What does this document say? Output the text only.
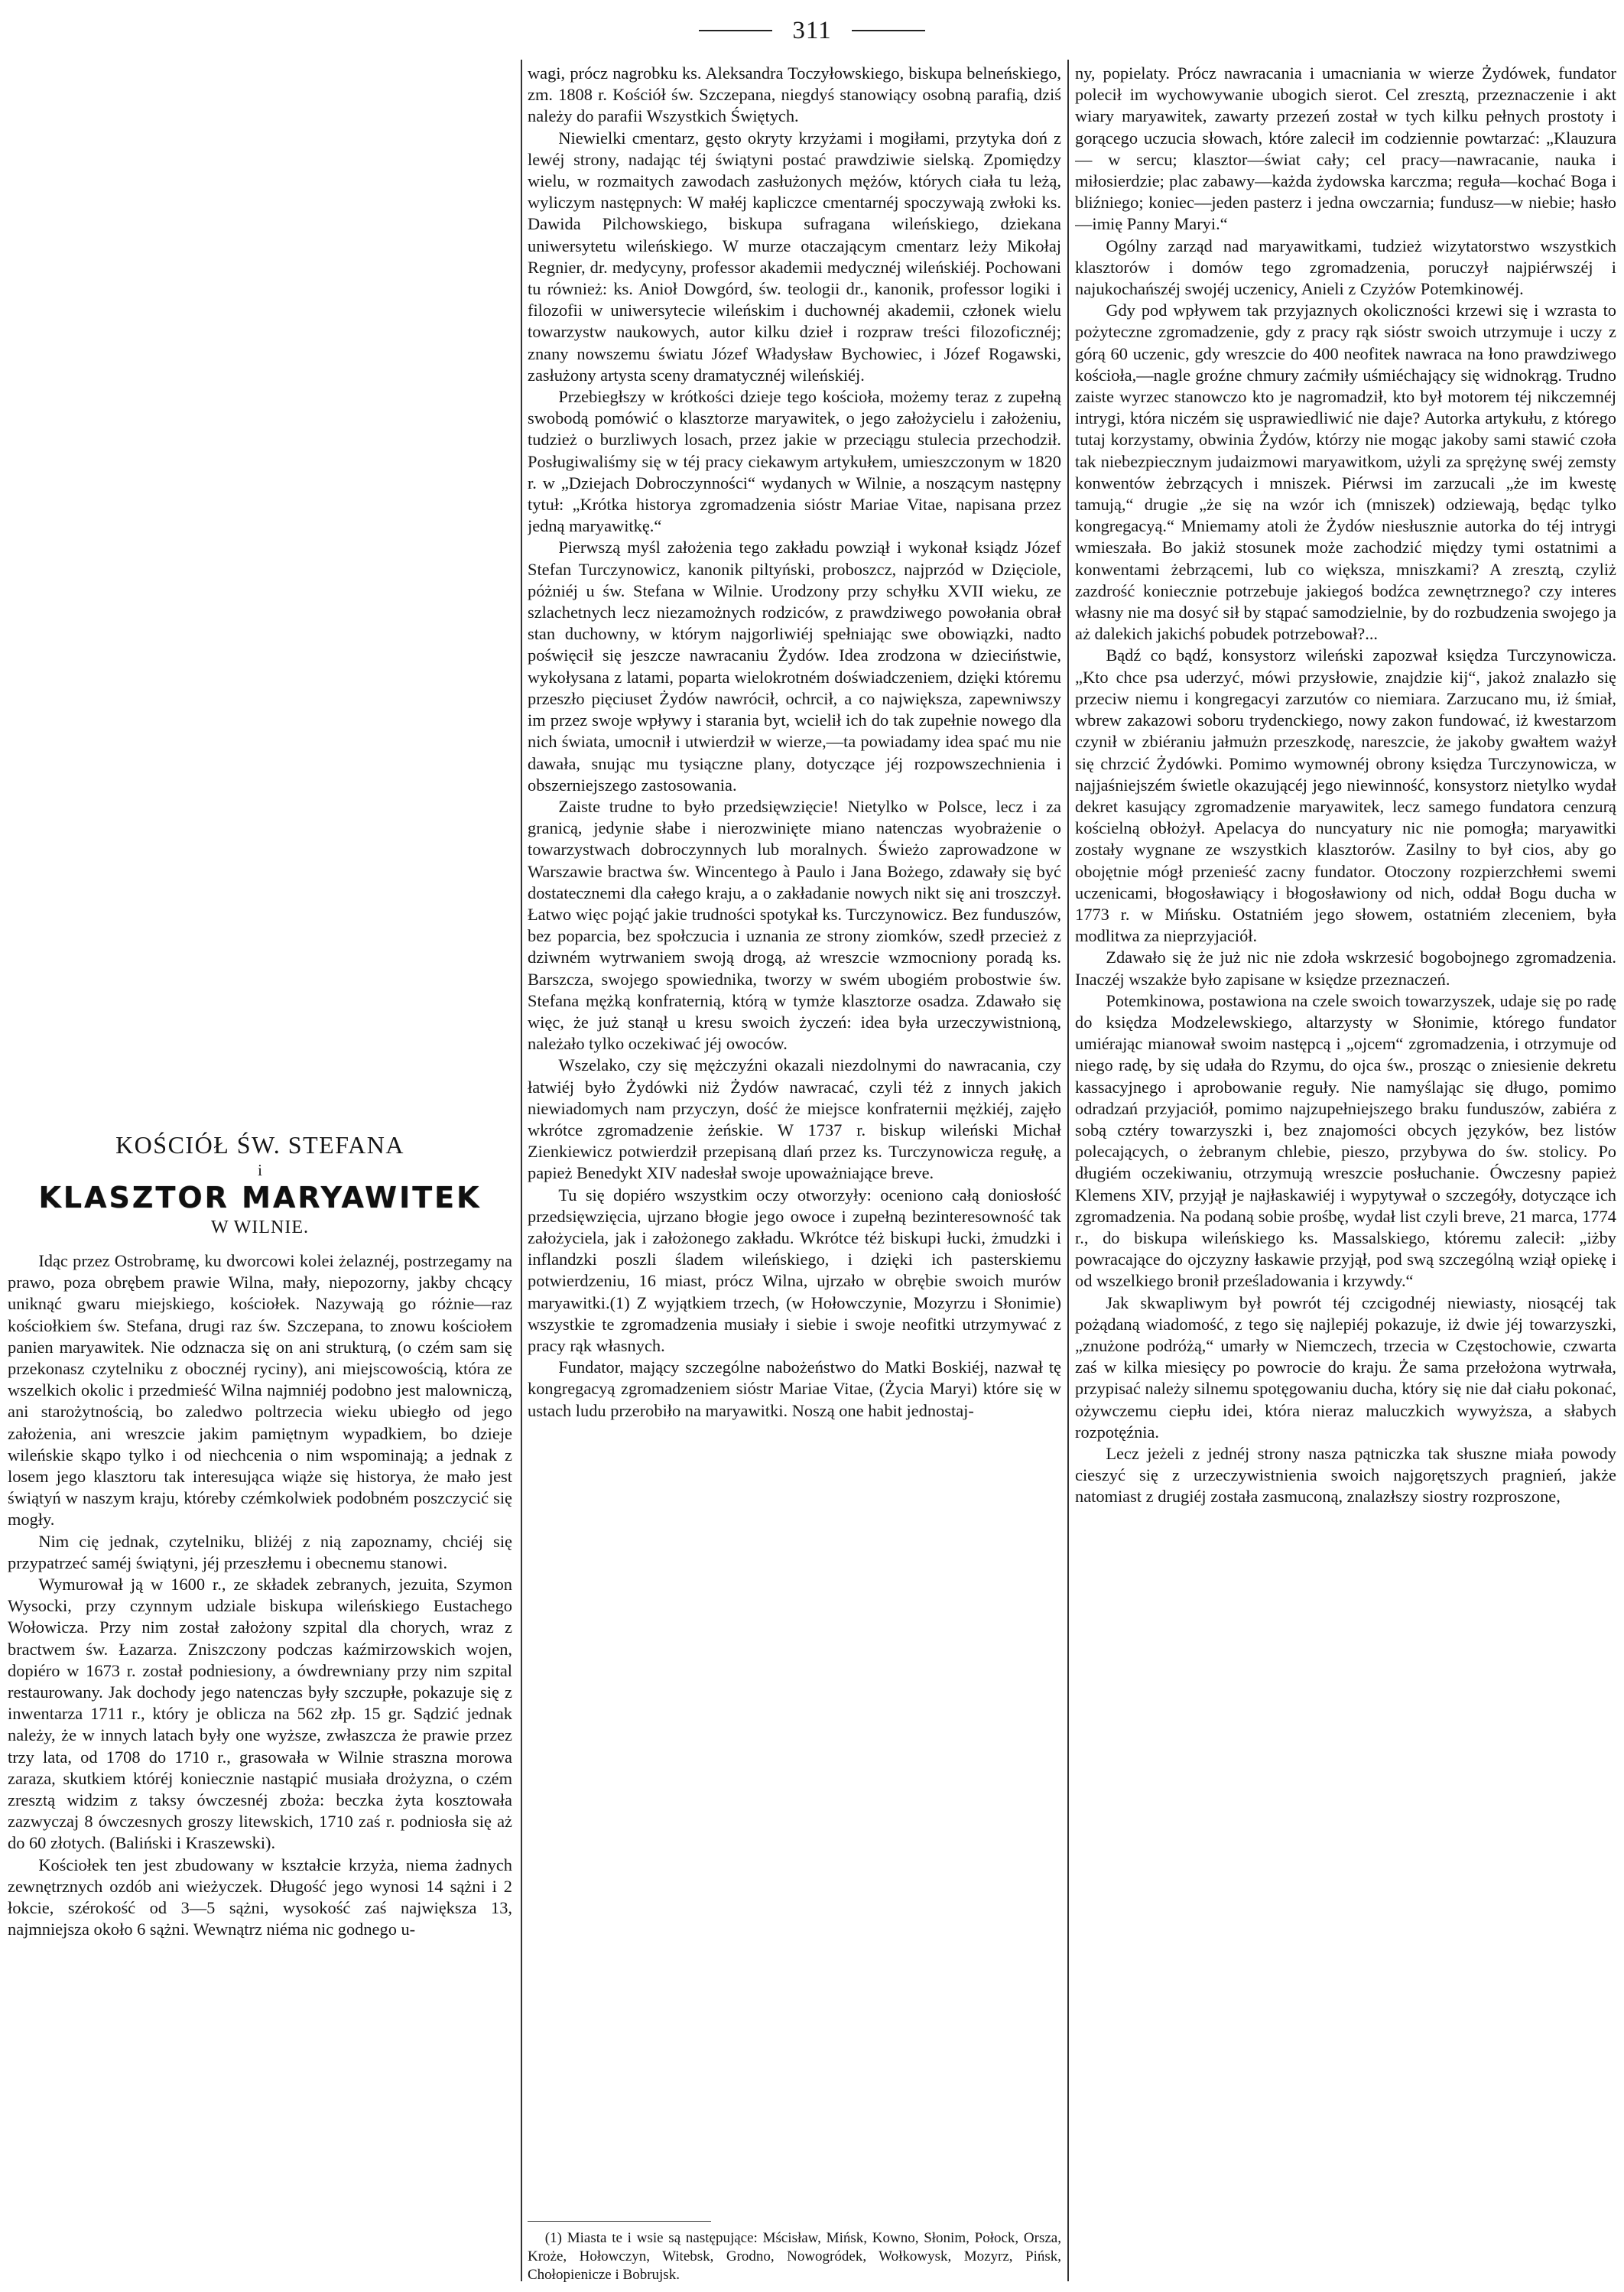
311
KOŚCIÓŁ ŚW. STEFANA
i
KLASZTOR MARYAWITEK
W WILNIE.

Idąc przez Ostrobramę, ku dworcowi kolei żelaznéj, postrzegamy na prawo, poza obrębem prawie Wilna, mały, niepozorny, jakby chcący uniknąć gwaru miejskiego, kościołek. Nazywają go różnie—raz kościołkiem św. Stefana, drugi raz św. Szczepana, to znowu kościołem panien maryawitek. Nie odznacza się on ani strukturą, (o czém sam się przekonasz czytelniku z obocznéj ryciny), ani miejscowością, która ze wszelkich okolic i przedmieść Wilna najmniéj podobno jest malowniczą, ani starożytnością, bo zaledwo poltrzecia wieku ubiegło od jego założenia, ani wreszcie jakim pamiętnym wypadkiem, bo dzieje wileńskie skąpo tylko i od niechcenia o nim wspominają; a jednak z losem jego klasztoru tak interesująca wiąże się historya, że mało jest świątyń w naszym kraju, któreby czémkolwiek podobném poszczycić się mogły.

Nim cię jednak, czytelniku, bliżéj z nią zapoznamy, chciéj się przypatrzeć saméj świątyni, jéj przeszłemu i obecnemu stanowi.

Wymurował ją w 1600 r., ze składek zebranych, jezuita, Szymon Wysocki, przy czynnym udziale biskupa wileńskiego Eustachego Wołowicza. Przy nim został założony szpital dla chorych, wraz z bractwem św. Łazarza. Zniszczony podczas kaźmirzowskich wojen, dopiéro w 1673 r. został podniesiony, a ówdrewniany przy nim szpital restaurowany. Jak dochody jego natenczas były szczupłe, pokazuje się z inwentarza 1711 r., który je oblicza na 562 złp. 15 gr. Sądzić jednak należy, że w innych latach były one wyższe, zwłaszcza że prawie przez trzy lata, od 1708 do 1710 r., grasowała w Wilnie straszna morowa zaraza, skutkiem któréj koniecznie nastąpić musiała drożyzna, o czém zresztą widzim z taksy ówczesnéj zboża: beczka żyta kosztowała zazwyczaj 8 ówczesnych groszy litewskich, 1710 zaś r. podniosła się aż do 60 złotych. (Baliński i Kraszewski).

Kościołek ten jest zbudowany w kształcie krzyża, niema żadnych zewnętrznych ozdób ani wieżyczek. Długość jego wynosi 14 sążni i 2 łokcie, szérokość od 3—5 sążni, wysokość zaś największa 13, najmniejsza około 6 sążni. Wewnątrz niéma nic godnego u-

wagi, prócz nagrobku ks. Aleksandra Toczyłowskiego, biskupa belneńskiego, zm. 1808 r. Kościół św. Szczepana, niegdyś stanowiący osobną parafią, dziś należy do parafii Wszystkich Świętych.

Niewielki cmentarz, gęsto okryty krzyżami i mogiłami, przytyka doń z lewéj strony, nadając téj świątyni postać prawdziwie sielską. Zpomiędzy wielu, w rozmaitych zawodach zasłużonych mężów, których ciała tu leżą, wyliczym następnych: W małéj kapliczce cmentarnéj spoczywają zwłoki ks. Dawida Pilchowskiego, biskupa sufragana wileńskiego, dziekana uniwersytetu wileńskiego. W murze otaczającym cmentarz leży Mikołaj Regnier, dr. medycyny, professor akademii medycznéj wileńskiéj. Pochowani tu również: ks. Anioł Dowgórd, św. teologii dr., kanonik, professor logiki i filozofii w uniwersytecie wileńskim i duchownéj akademii, członek wielu towarzystw naukowych, autor kilku dzieł i rozpraw treści filozoficznéj; znany nowszemu światu Józef Władysław Bychowiec, i Józef Rogawski, zasłużony artysta sceny dramatycznéj wileńskiéj.

Przebiegłszy w krótkości dzieje tego kościoła, możemy teraz z zupełną swobodą pomówić o klasztorze maryawitek, o jego założycielu i założeniu, tudzież o burzliwych losach, przez jakie w przeciągu stulecia przechodził. Posługiwaliśmy się w téj pracy ciekawym artykułem, umieszczonym w 1820 r. w „Dziejach Dobroczynności“ wydanych w Wilnie, a noszącym następny tytuł: „Krótka historya zgromadzenia sióstr Mariae Vitae, napisana przez jedną maryawitkę.“

Pierwszą myśl założenia tego zakładu powziął i wykonał ksiądz Józef Stefan Turczynowicz, kanonik piltyński, proboszcz, najprzód w Dzięciole, póżniéj u św. Stefana w Wilnie. Urodzony przy schyłku XVII wieku, ze szlachetnych lecz niezamożnych rodziców, z prawdziwego powołania obrał stan duchowny, w którym najgorliwiéj spełniając swe obowiązki, nadto poświęcił się jeszcze nawracaniu Żydów. Idea zrodzona w dzieciństwie, wykołysana z latami, poparta wielokrotném doświadczeniem, dzięki któremu przeszło pięciuset Żydów nawrócił, ochrcił, a co największa, zapewniwszy im przez swoje wpływy i starania byt, wcielił ich do tak zupełnie nowego dla nich świata, umocnił i utwierdził w wierze,—ta powiadamy idea spać mu nie dawała, snując mu tysiączne plany, dotyczące jéj rozpowszechnienia i obszerniejszego zastosowania.

Zaiste trudne to było przedsięwzięcie! Nietylko w Polsce, lecz i za granicą, jedynie słabe i nierozwinięte miano natenczas wyobrażenie o towarzystwach dobroczynnych lub moralnych. Świeżo zaprowadzone w Warszawie bractwa św. Wincentego à Paulo i Jana Bożego, zdawały się być dostatecznemi dla całego kraju, a o zakładanie nowych nikt się ani troszczył. Łatwo więc pojąć jakie trudności spotykał ks. Turczynowicz. Bez funduszów, bez poparcia, bez społczucia i uznania ze strony ziomków, szedł przecież z dziwném wytrwaniem swoją drogą, aż wreszcie wzmocniony poradą ks. Barszcza, swojego spowiednika, tworzy w swém ubogiém probostwie św. Stefana mężką konfraternią, którą w tymże klasztorze osadza. Zdawało się więc, że już stanął u kresu swoich życzeń: idea była urzeczywistnioną, należało tylko oczekiwać jéj owoców.

Wszelako, czy się mężczyźni okazali niezdolnymi do nawracania, czy łatwiéj było Żydówki niż Żydów nawracać, czyli téż z innych jakich niewiadomych nam przyczyn, dość że miejsce konfraternii mężkiéj, zajęło wkrótce zgromadzenie żeńskie. W 1737 r. biskup wileński Michał Zienkiewicz potwierdził przepisaną dlań przez ks. Turczynowicza regułę, a papież Benedykt XIV nadesłał swoje upoważniające breve.

Tu się dopiéro wszystkim oczy otworzyły: oceniono całą doniosłość przedsięwzięcia, ujrzano błogie jego owoce i zupełną bezinteresowność tak założyciela, jak i założonego zakładu. Wkrótce téż biskupi łucki, żmudzki i inflandzki poszli śladem wileńskiego, i dzięki ich pasterskiemu potwierdzeniu, 16 miast, prócz Wilna, ujrzało w obrębie swoich murów maryawitki.(1) Z wyjątkiem trzech, (w Hołowczynie, Mozyrzu i Słonimie) wszystkie te zgromadzenia musiały i siebie i swoje neofitki utrzymywać z pracy rąk własnych.

Fundator, mający szczególne nabożeństwo do Matki Boskiéj, nazwał tę kongregacyą zgromadzeniem sióstr Mariae Vitae, (Życia Maryi) które się w ustach ludu przerobiło na maryawitki. Noszą one habit jednostaj-

(1) Miasta te i wsie są następujące: Mścisław, Mińsk, Kowno, Słonim, Połock, Orsza, Kroże, Hołowczyn, Witebsk, Grodno, Nowogródek, Wołkowysk, Mozyrz, Pińsk, Chołopienicze i Bobrujsk.

ny, popielaty. Prócz nawracania i umacniania w wierze Żydówek, fundator polecił im wychowywanie ubogich sierot. Cel zresztą, przeznaczenie i akt wiary maryawitek, zawarty przezeń został w tych kilku pełnych prostoty i gorącego uczucia słowach, które zalecił im codziennie powtarzać: „Klauzura — w sercu; klasztor—świat cały; cel pracy—nawracanie, nauka i miłosierdzie; plac zabawy—każda żydowska karczma; reguła—kochać Boga i bliźniego; koniec—jeden pasterz i jedna owczarnia; fundusz—w niebie; hasło—imię Panny Maryi.“

Ogólny zarząd nad maryawitkami, tudzież wizytatorstwo wszystkich klasztorów i domów tego zgromadzenia, poruczył najpiérwszéj i najukochańszéj swojéj uczenicy, Anieli z Czyżów Potemkinowéj.

Gdy pod wpływem tak przyjaznych okoliczności krzewi się i wzrasta to pożyteczne zgromadzenie, gdy z pracy rąk sióstr swoich utrzymuje i uczy z górą 60 uczenic, gdy wreszcie do 400 neofitek nawraca na łono prawdziwego kościoła,—nagle groźne chmury zaćmiły uśmiéchający się widnokrąg. Trudno zaiste wyrzec stanowczo kto je nagromadził, kto był motorem téj nikczemnéj intrygi, która niczém się usprawiedliwić nie daje? Autorka artykułu, z którego tutaj korzystamy, obwinia Żydów, którzy nie mogąc jakoby sami stawić czoła tak niebezpiecznym judaizmowi maryawitkom, użyli za sprężynę swéj zemsty konwentów żebrzących i mniszek. Piérwsi im zarzucali „że im kwestę tamują,“ drugie „że się na wzór ich (mniszek) odziewają, będąc tylko kongregacyą.“ Mniemamy atoli że Żydów niesłusznie autorka do téj intrygi wmieszała. Bo jakiż stosunek może zachodzić między tymi ostatnimi a konwentami żebrzącemi, lub co większa, mniszkami? A zresztą, czyliż zazdrość koniecznie potrzebuje jakiegoś bodźca zewnętrznego? czy interes własny nie ma dosyć sił by stąpać samodzielnie, by do rozbudzenia swojego ja aż dalekich jakichś pobudek potrzebował?...

Bądź co bądź, konsystorz wileński zapozwał księdza Turczynowicza. „Kto chce psa uderzyć, mówi przysłowie, znajdzie kij“, jakoż znalazło się przeciw niemu i kongregacyi zarzutów co niemiara. Zarzucano mu, iż śmiał, wbrew zakazowi soboru trydenckiego, nowy zakon fundować, iż kwestarzom czynił w zbiéraniu jałmużn przeszkodę, nareszcie, że jakoby gwałtem ważył się chrzcić Żydówki. Pomimo wymownéj obrony księdza Turczynowicza, w najjaśniejszém świetle okazującéj jego niewinność, konsystorz nietylko wydał dekret kasujący zgromadzenie maryawitek, lecz samego fundatora cenzurą kościelną obłożył. Apelacya do nuncyatury nic nie pomogła; maryawitki zostały wygnane ze wszystkich klasztorów. Zasilny to był cios, aby go obojętnie mógł przenieść zacny fundator. Otoczony rozpierzchłemi swemi uczenicami, błogosławiący i błogosławiony od nich, oddał Bogu ducha w 1773 r. w Mińsku. Ostatniém jego słowem, ostatniém zleceniem, była modlitwa za nieprzyjaciół.

Zdawało się że już nic nie zdoła wskrzesić bogobojnego zgromadzenia. Inaczéj wszakże było zapisane w księdze przeznaczeń.

Potemkinowa, postawiona na czele swoich towarzyszek, udaje się po radę do księdza Modzelewskiego, altarzysty w Słonimie, którego fundator umiérając mianował swoim następcą i „ojcem“ zgromadzenia, i otrzymuje od niego radę, by się udała do Rzymu, do ojca św., prosząc o zniesienie dekretu kassacyjnego i aprobowanie reguły. Nie namyślając się długo, pomimo odradzań przyjaciół, pomimo najzupełniejszego braku funduszów, zabiéra z sobą cztéry towarzyszki i, bez znajomości obcych języków, bez listów polecających, o żebranym chlebie, pieszo, przybywa do św. stolicy. Po długiém oczekiwaniu, otrzymują wreszcie posłuchanie. Ówczesny papież Klemens XIV, przyjął je najłaskawiéj i wypytywał o szczegóły, dotyczące ich zgromadzenia. Na podaną sobie prośbę, wydał list czyli breve, 21 marca, 1774 r., do biskupa wileńskiego ks. Massalskiego, któremu zalecił: „iżby powracające do ojczyzny łaskawie przyjął, pod swą szczególną wziął opiekę i od wszelkiego bronił prześladowania i krzywdy.“

Jak skwapliwym był powrót téj czcigodnéj niewiasty, niosącéj tak pożądaną wiadomość, z tego się najlepiéj pokazuje, iż dwie jéj towarzyszki, „znużone podróżą,“ umarły w Niemczech, trzecia w Częstochowie, czwarta zaś w kilka miesięcy po powrocie do kraju. Że sama przełożona wytrwała, przypisać należy silnemu spotęgowaniu ducha, który się nie dał ciału pokonać, ożywczemu ciepłu idei, która nieraz maluczkich wywyższa, a słabych rozpotęźnia.

Lecz jeżeli z jednéj strony nasza pątniczka tak słuszne miała powody cieszyć się z urzeczywistnienia swoich najgorętszych pragnień, jakże natomiast z drugiéj została zasmuconą, znalazłszy siostry rozproszone,
